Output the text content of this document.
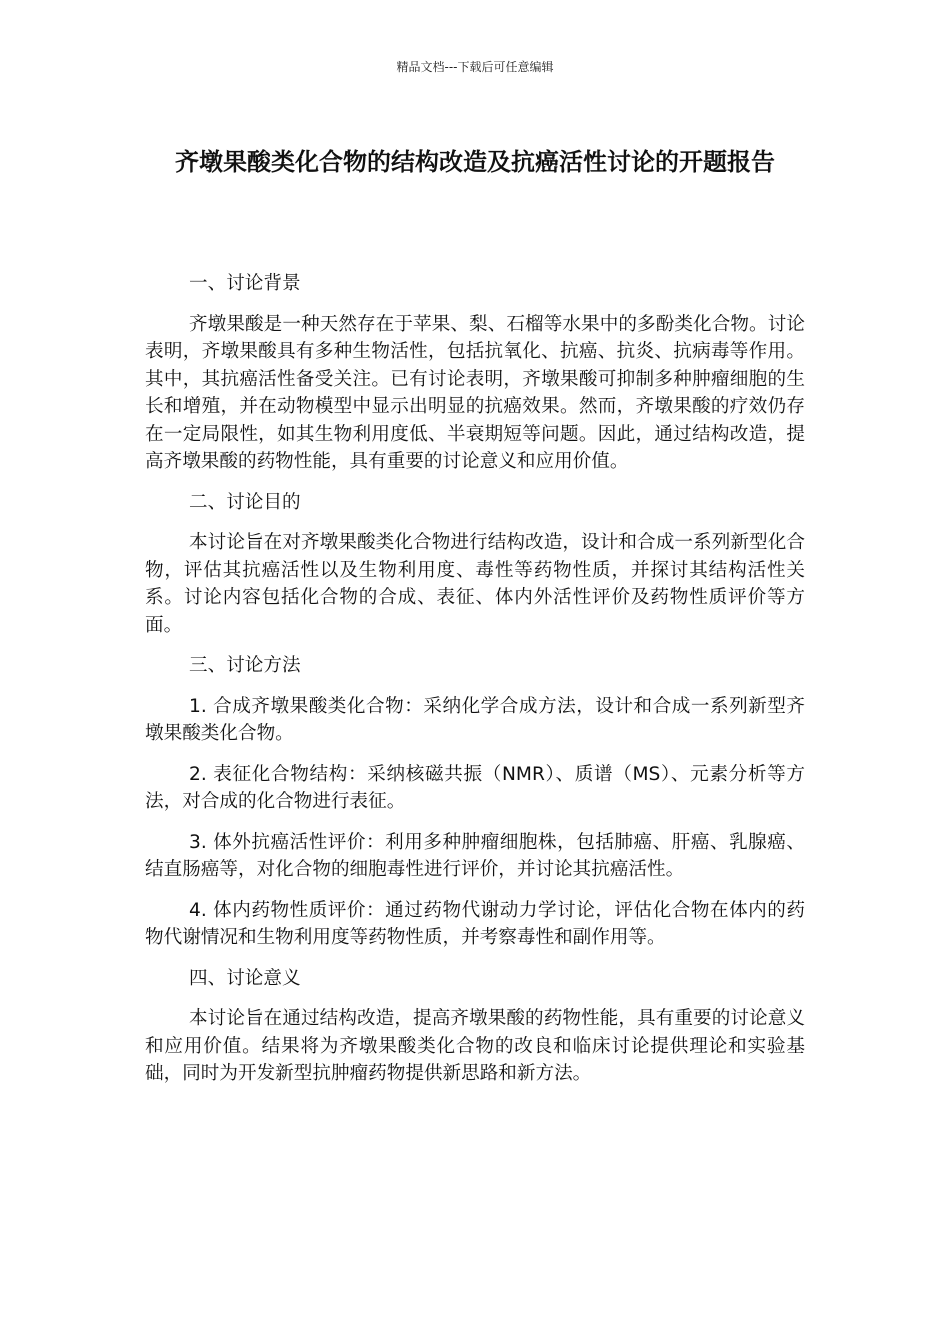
精品文档---下载后可任意编辑
齐墩果酸类化合物的结构改造及抗癌活性讨论的开题报告

一、讨论背景

齐墩果酸是一种天然存在于苹果、梨、石榴等水果中的多酚类化合物。讨论表明，齐墩果酸具有多种生物活性，包括抗氧化、抗癌、抗炎、抗病毒等作用。其中，其抗癌活性备受关注。已有讨论表明，齐墩果酸可抑制多种肿瘤细胞的生长和增殖，并在动物模型中显示出明显的抗癌效果。然而，齐墩果酸的疗效仍存在一定局限性，如其生物利用度低、半衰期短等问题。因此，通过结构改造，提高齐墩果酸的药物性能，具有重要的讨论意义和应用价值。

二、讨论目的

本讨论旨在对齐墩果酸类化合物进行结构改造，设计和合成一系列新型化合物，评估其抗癌活性以及生物利用度、毒性等药物性质，并探讨其结构活性关系。讨论内容包括化合物的合成、表征、体内外活性评价及药物性质评价等方面。

三、讨论方法

1. 合成齐墩果酸类化合物：采纳化学合成方法，设计和合成一系列新型齐墩果酸类化合物。

2. 表征化合物结构：采纳核磁共振（NMR）、质谱（MS）、元素分析等方法，对合成的化合物进行表征。

3. 体外抗癌活性评价：利用多种肿瘤细胞株，包括肺癌、肝癌、乳腺癌、结直肠癌等，对化合物的细胞毒性进行评价，并讨论其抗癌活性。

4. 体内药物性质评价：通过药物代谢动力学讨论，评估化合物在体内的药物代谢情况和生物利用度等药物性质，并考察毒性和副作用等。

四、讨论意义

本讨论旨在通过结构改造，提高齐墩果酸的药物性能，具有重要的讨论意义和应用价值。结果将为齐墩果酸类化合物的改良和临床讨论提供理论和实验基础，同时为开发新型抗肿瘤药物提供新思路和新方法。
